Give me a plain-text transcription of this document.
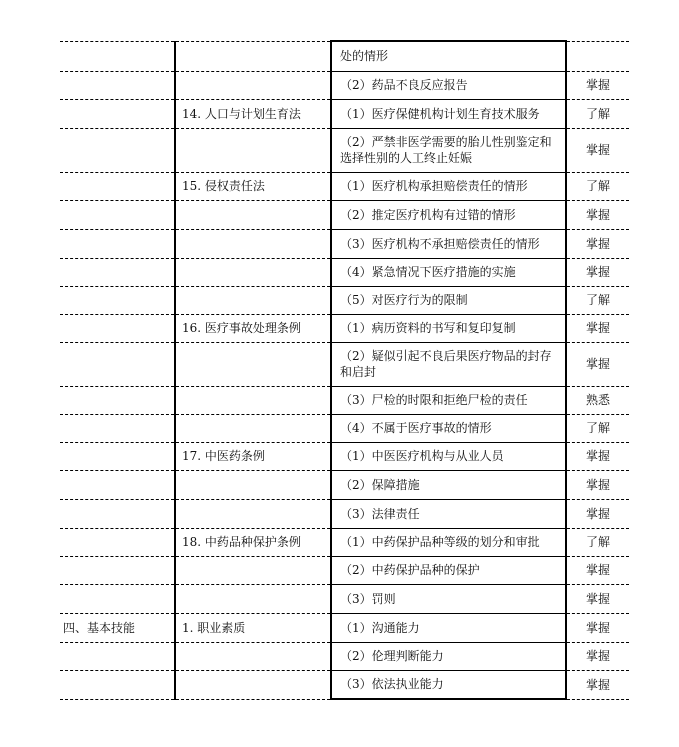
		处的情形	
		（2）药品不良反应报告	掌握
	14. 人口与计划生育法	（1）医疗保健机构计划生育技术服务	了解
		（2）严禁非医学需要的胎儿性别鉴定和选择性别的人工终止妊娠	掌握
	15. 侵权责任法	（1）医疗机构承担赔偿责任的情形	了解
		（2）推定医疗机构有过错的情形	掌握
		（3）医疗机构不承担赔偿责任的情形	掌握
		（4）紧急情况下医疗措施的实施	掌握
		（5）对医疗行为的限制	了解
	16. 医疗事故处理条例	（1）病历资料的书写和复印复制	掌握
		（2）疑似引起不良后果医疗物品的封存和启封	掌握
		（3）尸检的时限和拒绝尸检的责任	熟悉
		（4）不属于医疗事故的情形	了解
	17. 中医药条例	（1）中医医疗机构与从业人员	掌握
		（2）保障措施	掌握
		（3）法律责任	掌握
	18. 中药品种保护条例	（1）中药保护品种等级的划分和审批	了解
		（2）中药保护品种的保护	掌握
		（3）罚则	掌握
四、基本技能	1. 职业素质	（1）沟通能力	掌握
		（2）伦理判断能力	掌握
		（3）依法执业能力	掌握
